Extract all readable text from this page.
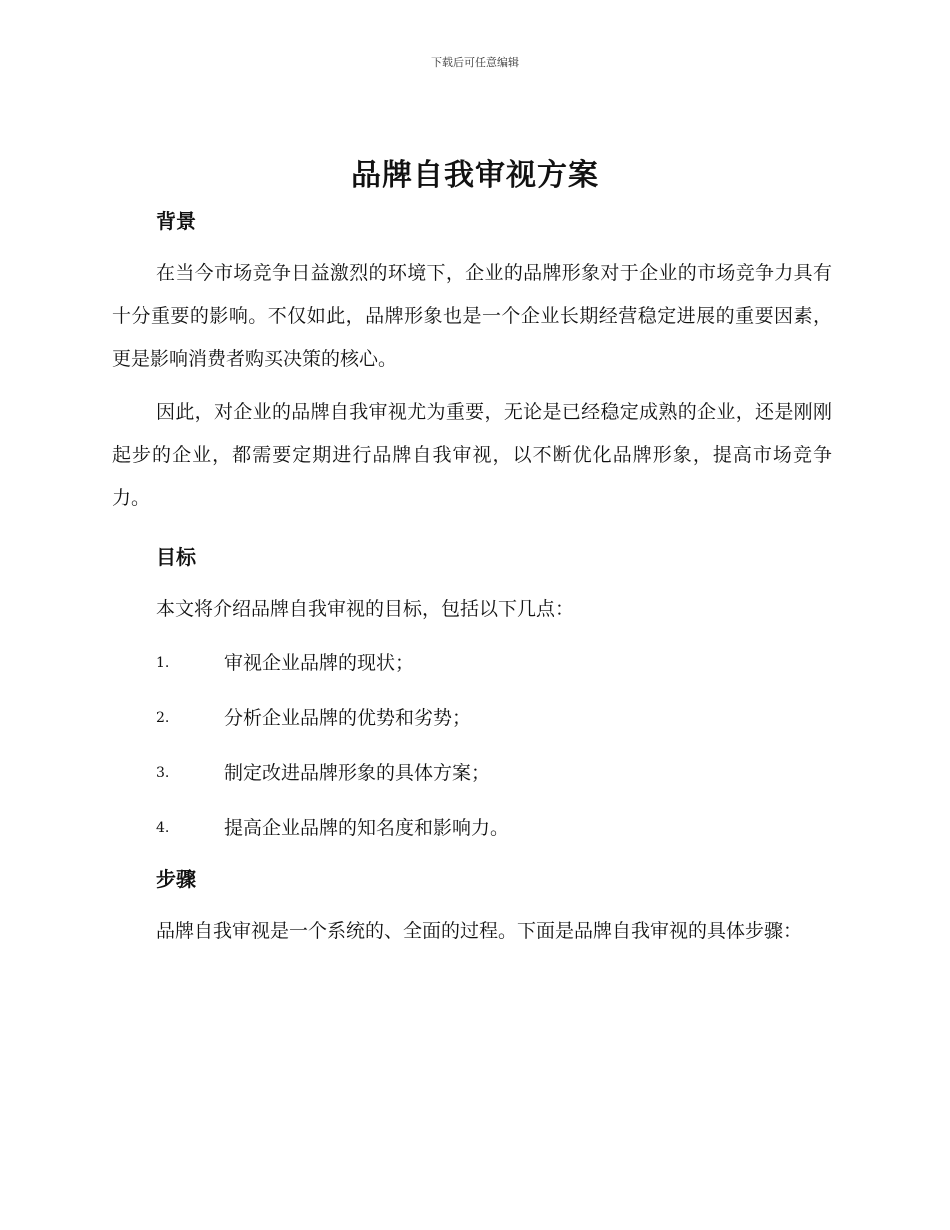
下载后可任意编辑
品牌自我审视方案
背景

在当今市场竞争日益激烈的环境下，企业的品牌形象对于企业的市场竞争力具有十分重要的影响。不仅如此，品牌形象也是一个企业长期经营稳定进展的重要因素，更是影响消费者购买决策的核心。

因此，对企业的品牌自我审视尤为重要，无论是已经稳定成熟的企业，还是刚刚起步的企业，都需要定期进行品牌自我审视，以不断优化品牌形象，提高市场竞争力。

目标

本文将介绍品牌自我审视的目标，包括以下几点：

1.	审视企业品牌的现状；
2.	分析企业品牌的优势和劣势；
3.	制定改进品牌形象的具体方案；
4.	提高企业品牌的知名度和影响力。
步骤

品牌自我审视是一个系统的、全面的过程。下面是品牌自我审视的具体步骤：
